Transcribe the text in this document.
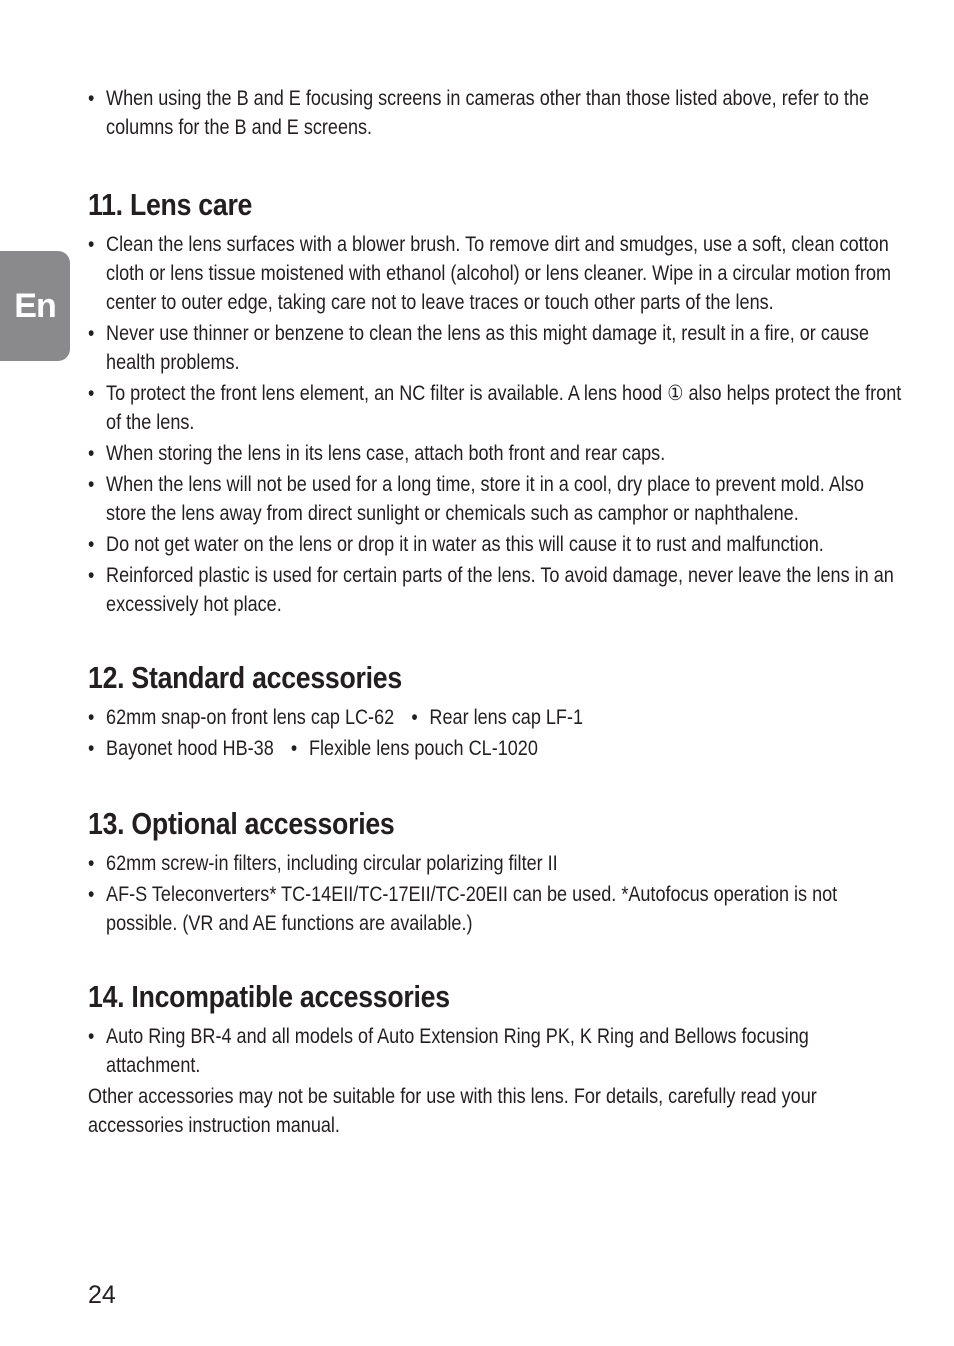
En
• When using the B and E focusing screens in cameras other than those listed above, refer to the columns for the B and E screens.
11. Lens care
• Clean the lens surfaces with a blower brush. To remove dirt and smudges, use a soft, clean cotton cloth or lens tissue moistened with ethanol (alcohol) or lens cleaner. Wipe in a circular motion from center to outer edge, taking care not to leave traces or touch other parts of the lens.
• Never use thinner or benzene to clean the lens as this might damage it, result in a fire, or cause health problems.
• To protect the front lens element, an NC filter is available. A lens hood ① also helps protect the front of the lens.
• When storing the lens in its lens case, attach both front and rear caps.
• When the lens will not be used for a long time, store it in a cool, dry place to prevent mold. Also store the lens away from direct sunlight or chemicals such as camphor or naphthalene.
• Do not get water on the lens or drop it in water as this will cause it to rust and malfunction.
• Reinforced plastic is used for certain parts of the lens. To avoid damage, never leave the lens in an excessively hot place.
12. Standard accessories
• 62mm snap-on front lens cap LC-62	• Rear lens cap LF-1
• Bayonet hood HB-38	• Flexible lens pouch CL-1020
13. Optional accessories
• 62mm screw-in filters, including circular polarizing filter II
• AF-S Teleconverters* TC-14EII/TC-17EII/TC-20EII can be used. *Autofocus operation is not possible. (VR and AE functions are available.)
14. Incompatible accessories
• Auto Ring BR-4 and all models of Auto Extension Ring PK, K Ring and Bellows focusing attachment.

Other accessories may not be suitable for use with this lens. For details, carefully read your accessories instruction manual.

24
